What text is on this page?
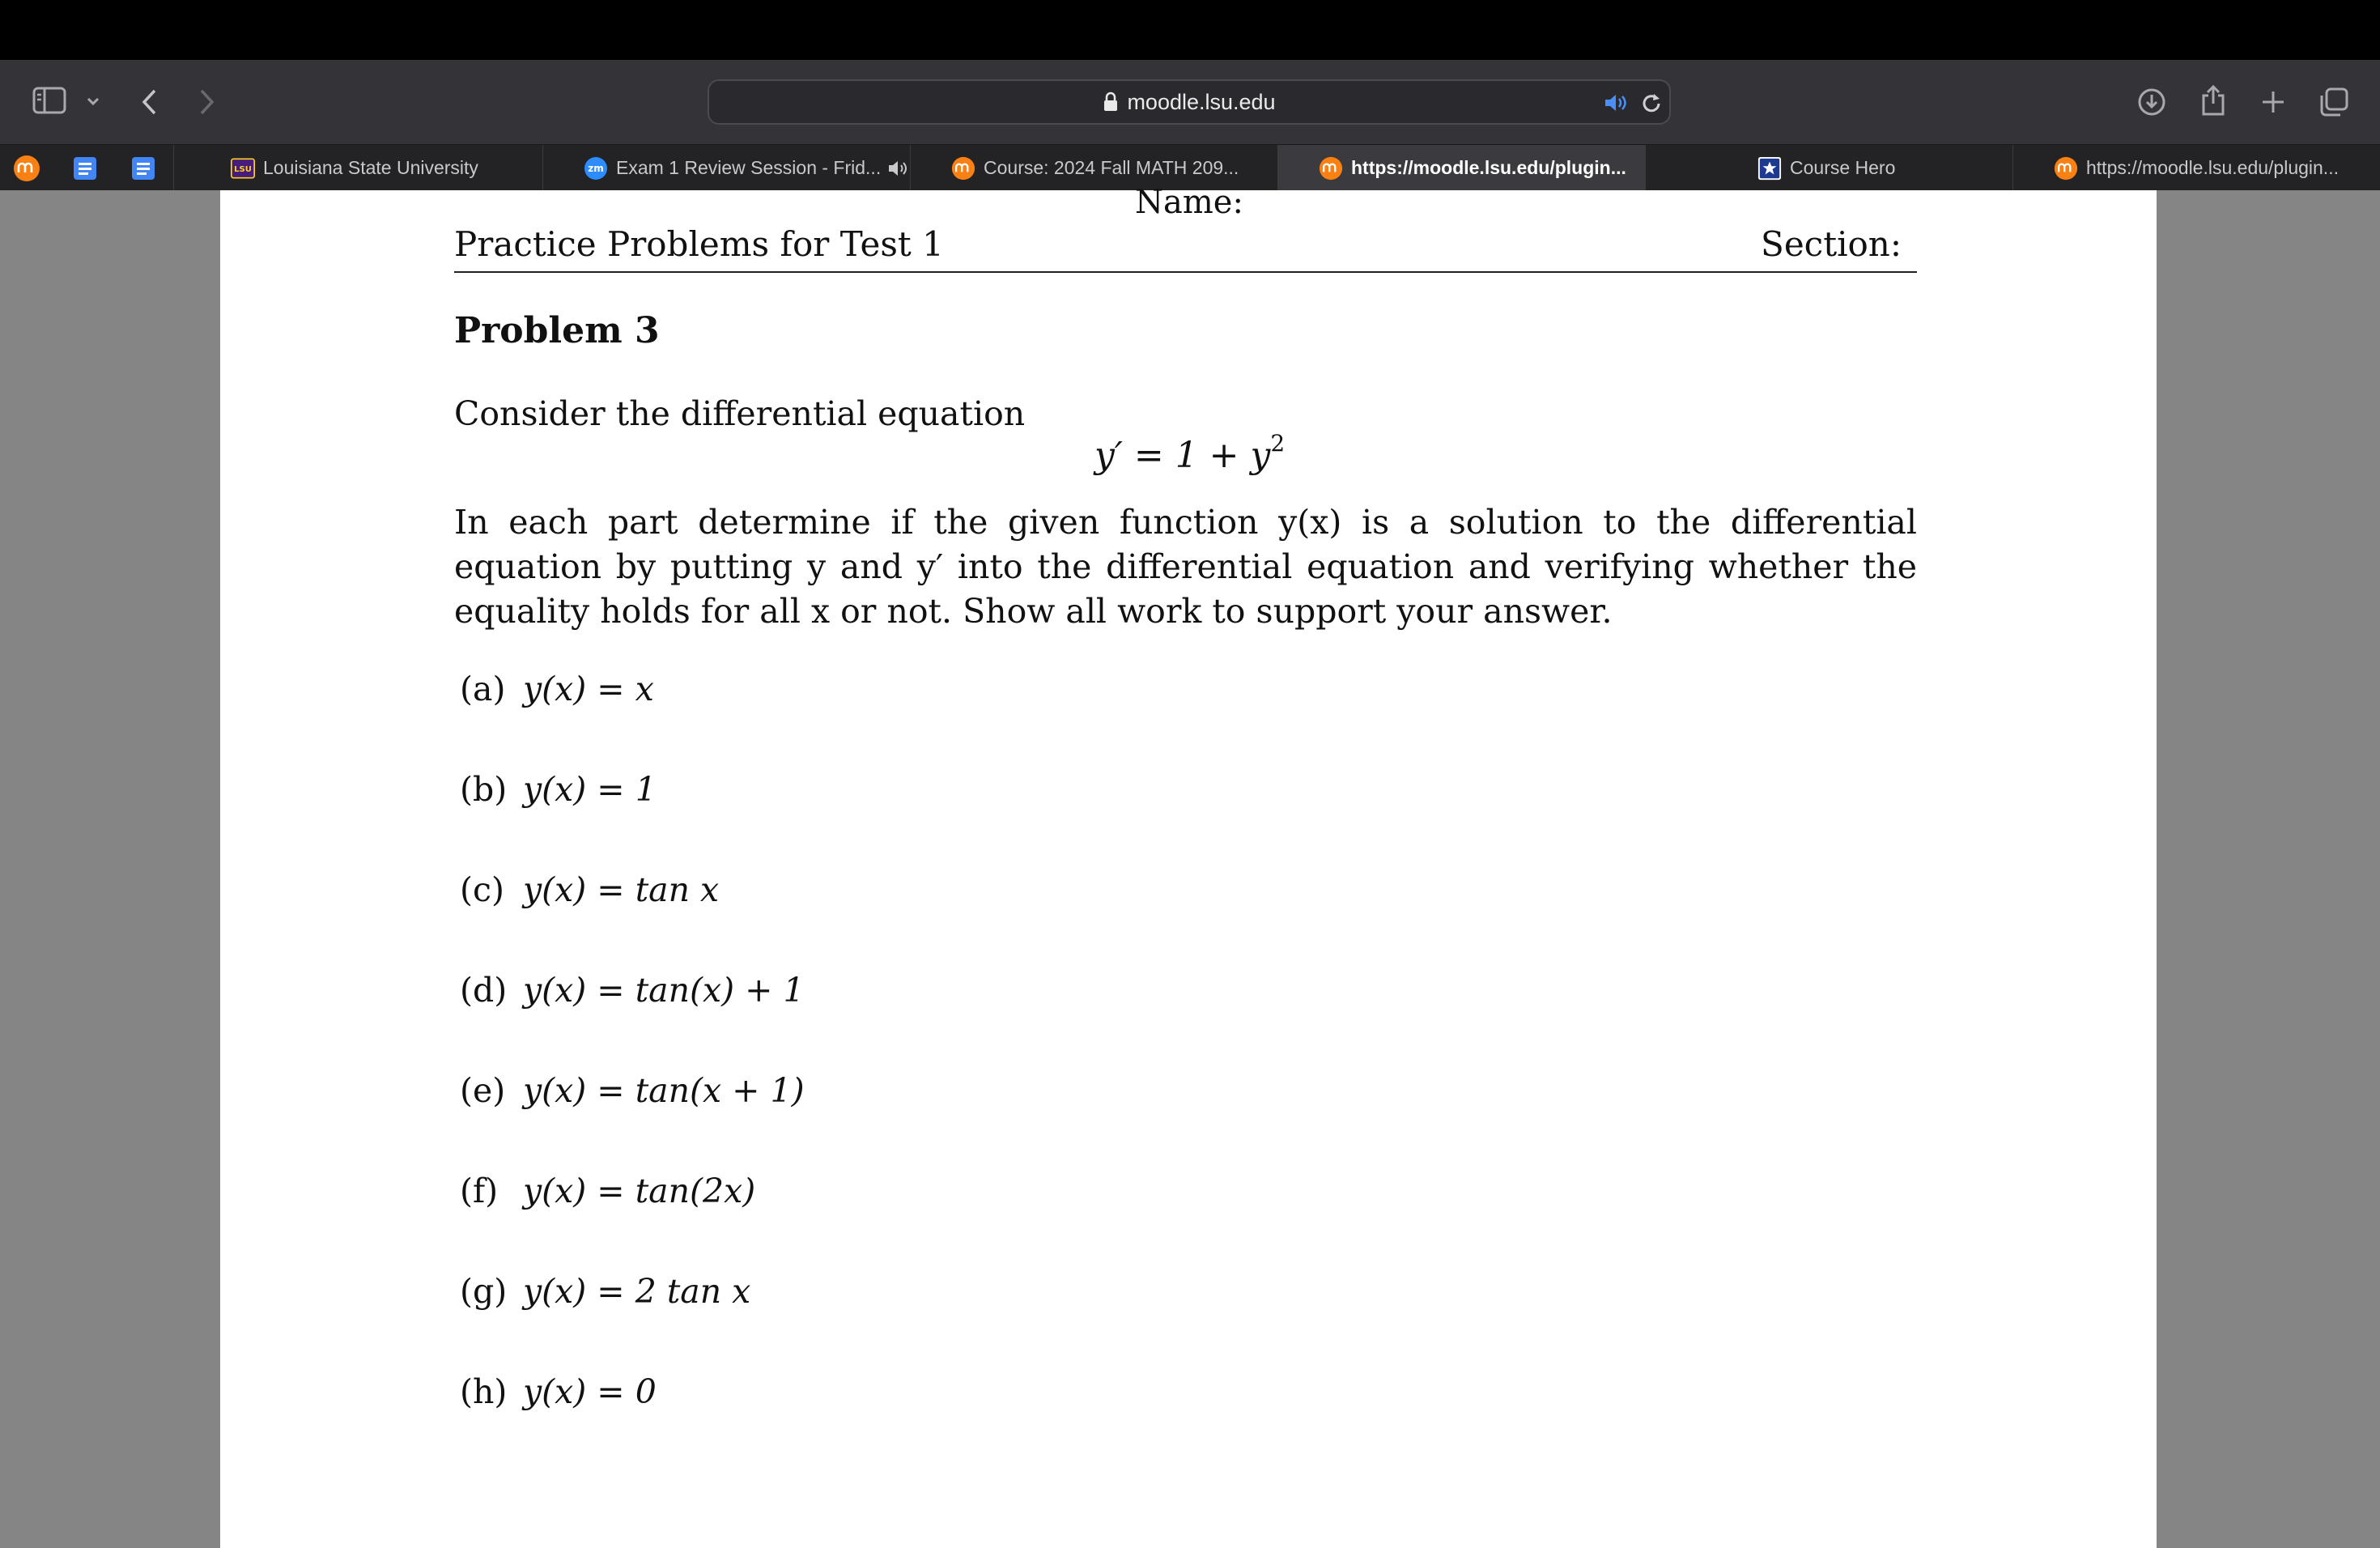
moodle.lsu.edu
LSU Louisiana State University	zm Exam 1 Review Session - Frid...	Course: 2024 Fall MATH 209...	https://moodle.lsu.edu/plugin...	Course Hero	https://moodle.lsu.edu/plugin...
Name:
Practice Problems for Test 1	Section:
Problem 3
Consider the differential equation
$y' = 1 + y^2$
In each part determine if the given function y(x) is a solution to the differential equation by putting y and y′ into the differential equation and verifying whether the equality holds for all x or not. Show all work to support your answer.
(a) y(x) = x
(b) y(x) = 1
(c) y(x) = tan x
(d) y(x) = tan(x) + 1
(e) y(x) = tan(x + 1)
(f) y(x) = tan(2x)
(g) y(x) = 2 tan x
(h) y(x) = 0
